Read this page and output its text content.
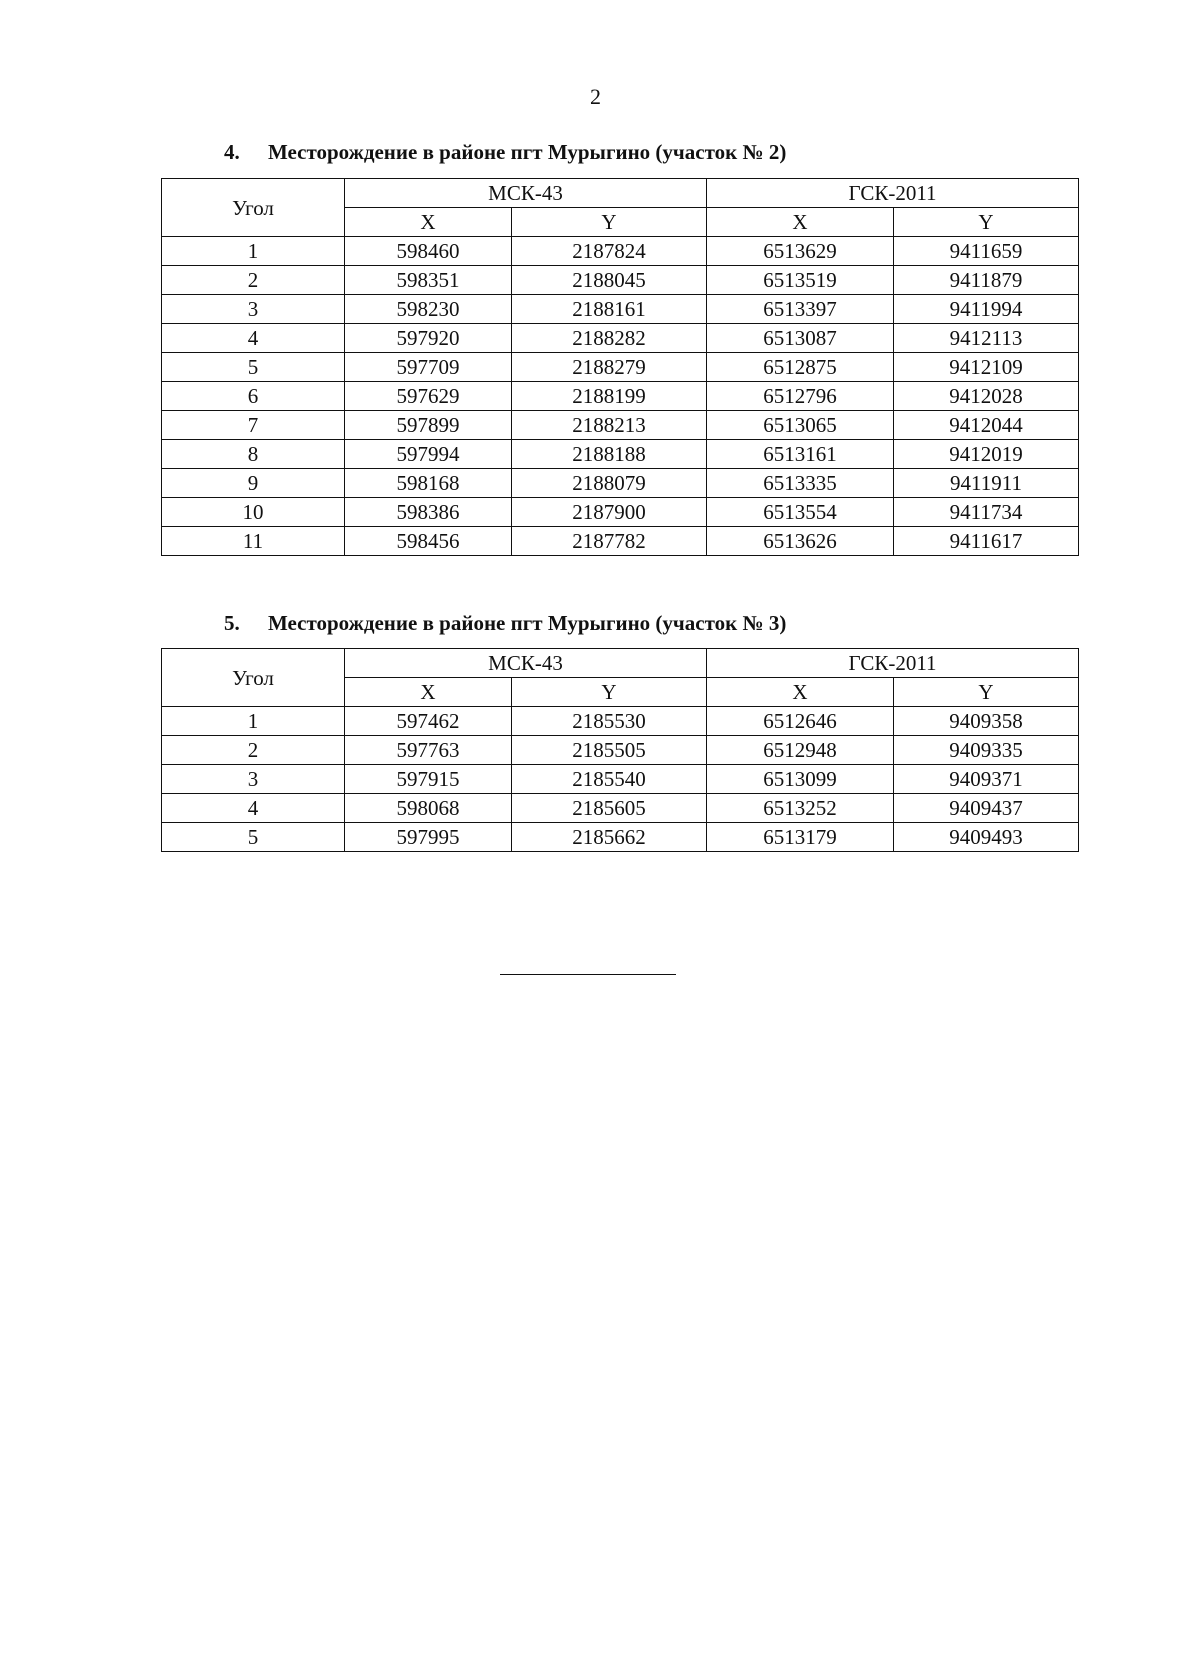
2
4. Месторождение в районе пгт Мурыгино (участок № 2)
Угол	МСК-43		ГСК-2011	
	X	Y	X	Y
1	598460	2187824	6513629	9411659
2	598351	2188045	6513519	9411879
3	598230	2188161	6513397	9411994
4	597920	2188282	6513087	9412113
5	597709	2188279	6512875	9412109
6	597629	2188199	6512796	9412028
7	597899	2188213	6513065	9412044
8	597994	2188188	6513161	9412019
9	598168	2188079	6513335	9411911
10	598386	2187900	6513554	9411734
11	598456	2187782	6513626	9411617
5. Месторождение в районе пгт Мурыгино (участок № 3)
Угол	МСК-43		ГСК-2011	
	X	Y	X	Y
1	597462	2185530	6512646	9409358
2	597763	2185505	6512948	9409335
3	597915	2185540	6513099	9409371
4	598068	2185605	6513252	9409437
5	597995	2185662	6513179	9409493
